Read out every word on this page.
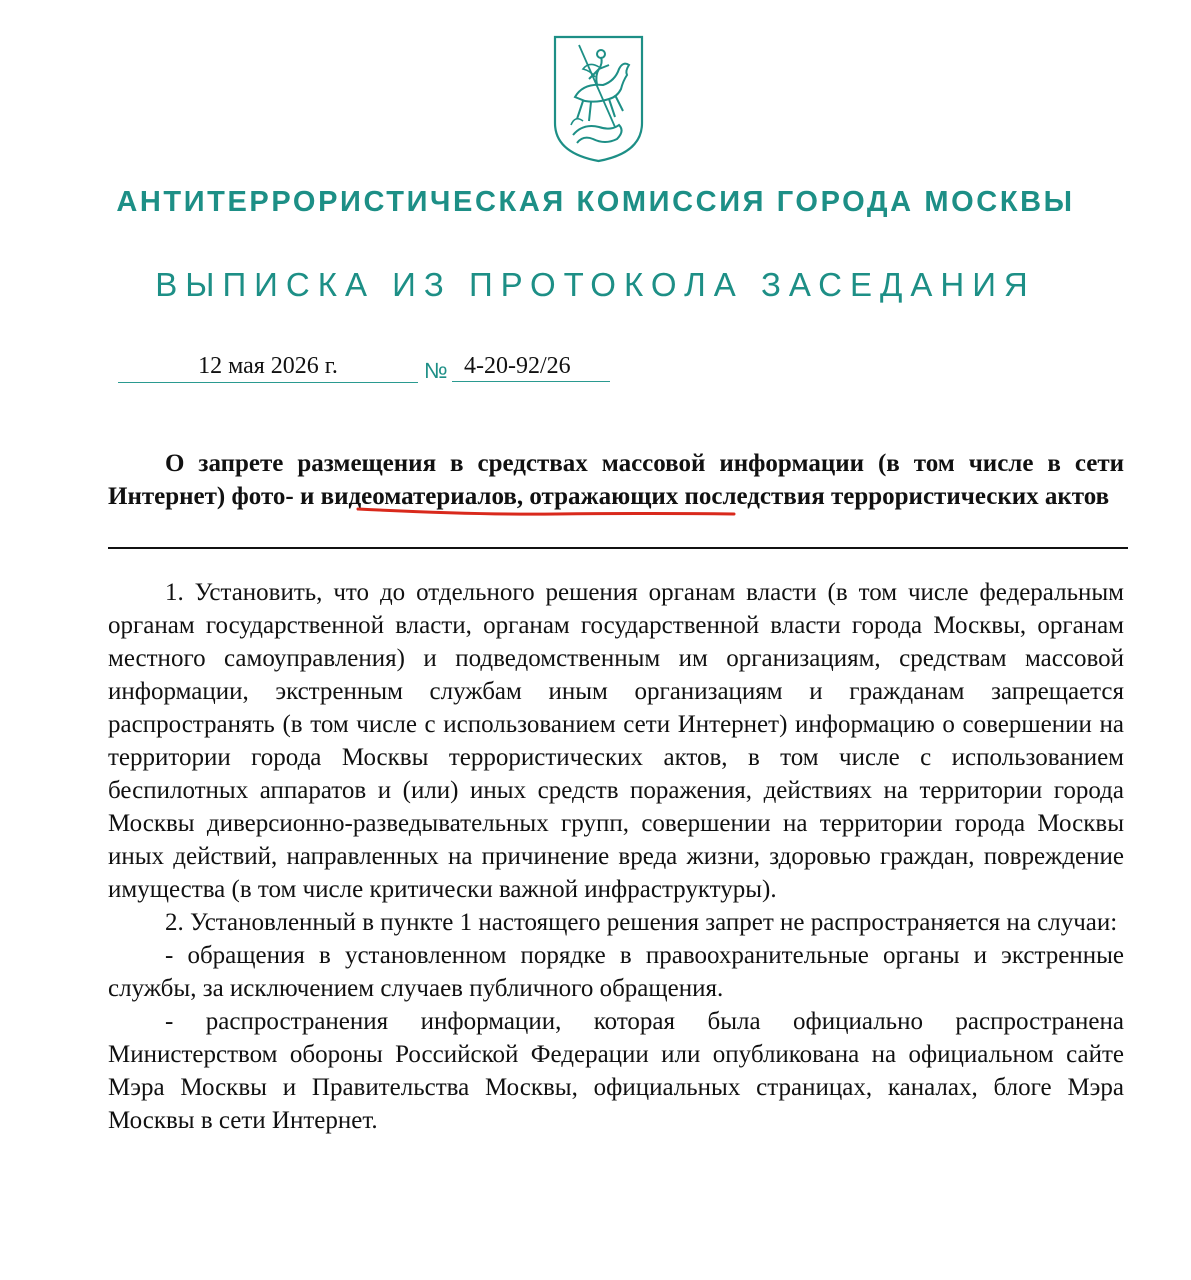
АНТИТЕРРОРИСТИЧЕСКАЯ КОМИССИЯ ГОРОДА МОСКВЫ
ВЫПИСКА ИЗ ПРОТОКОЛА ЗАСЕДАНИЯ
12 мая 2026 г.	№ 4-20-92/26
О запрете размещения в средствах массовой информации (в том числе в сети Интернет) фото- и видеоматериалов, отражающих последствия террористических актов

1. Установить, что до отдельного решения органам власти (в том числе федеральным органам государственной власти, органам государственной власти города Москвы, органам местного самоуправления) и подведомственным им организациям, средствам массовой информации, экстренным службам иным организациям и гражданам запрещается распространять (в том числе с использованием сети Интернет) информацию о совершении на территории города Москвы террористических актов, в том числе с использованием беспилотных аппаратов и (или) иных средств поражения, действиях на территории города Москвы диверсионно-разведывательных групп, совершении на территории города Москвы иных действий, направленных на причинение вреда жизни, здоровью граждан, повреждение имущества (в том числе критически важной инфраструктуры).

2. Установленный в пункте 1 настоящего решения запрет не распространяется на случаи:

- обращения в установленном порядке в правоохранительные органы и экстренные службы, за исключением случаев публичного обращения.

- распространения информации, которая была официально распространена Министерством обороны Российской Федерации или опубликована на официальном сайте Мэра Москвы и Правительства Москвы, официальных страницах, каналах, блоге Мэра Москвы в сети Интернет.
